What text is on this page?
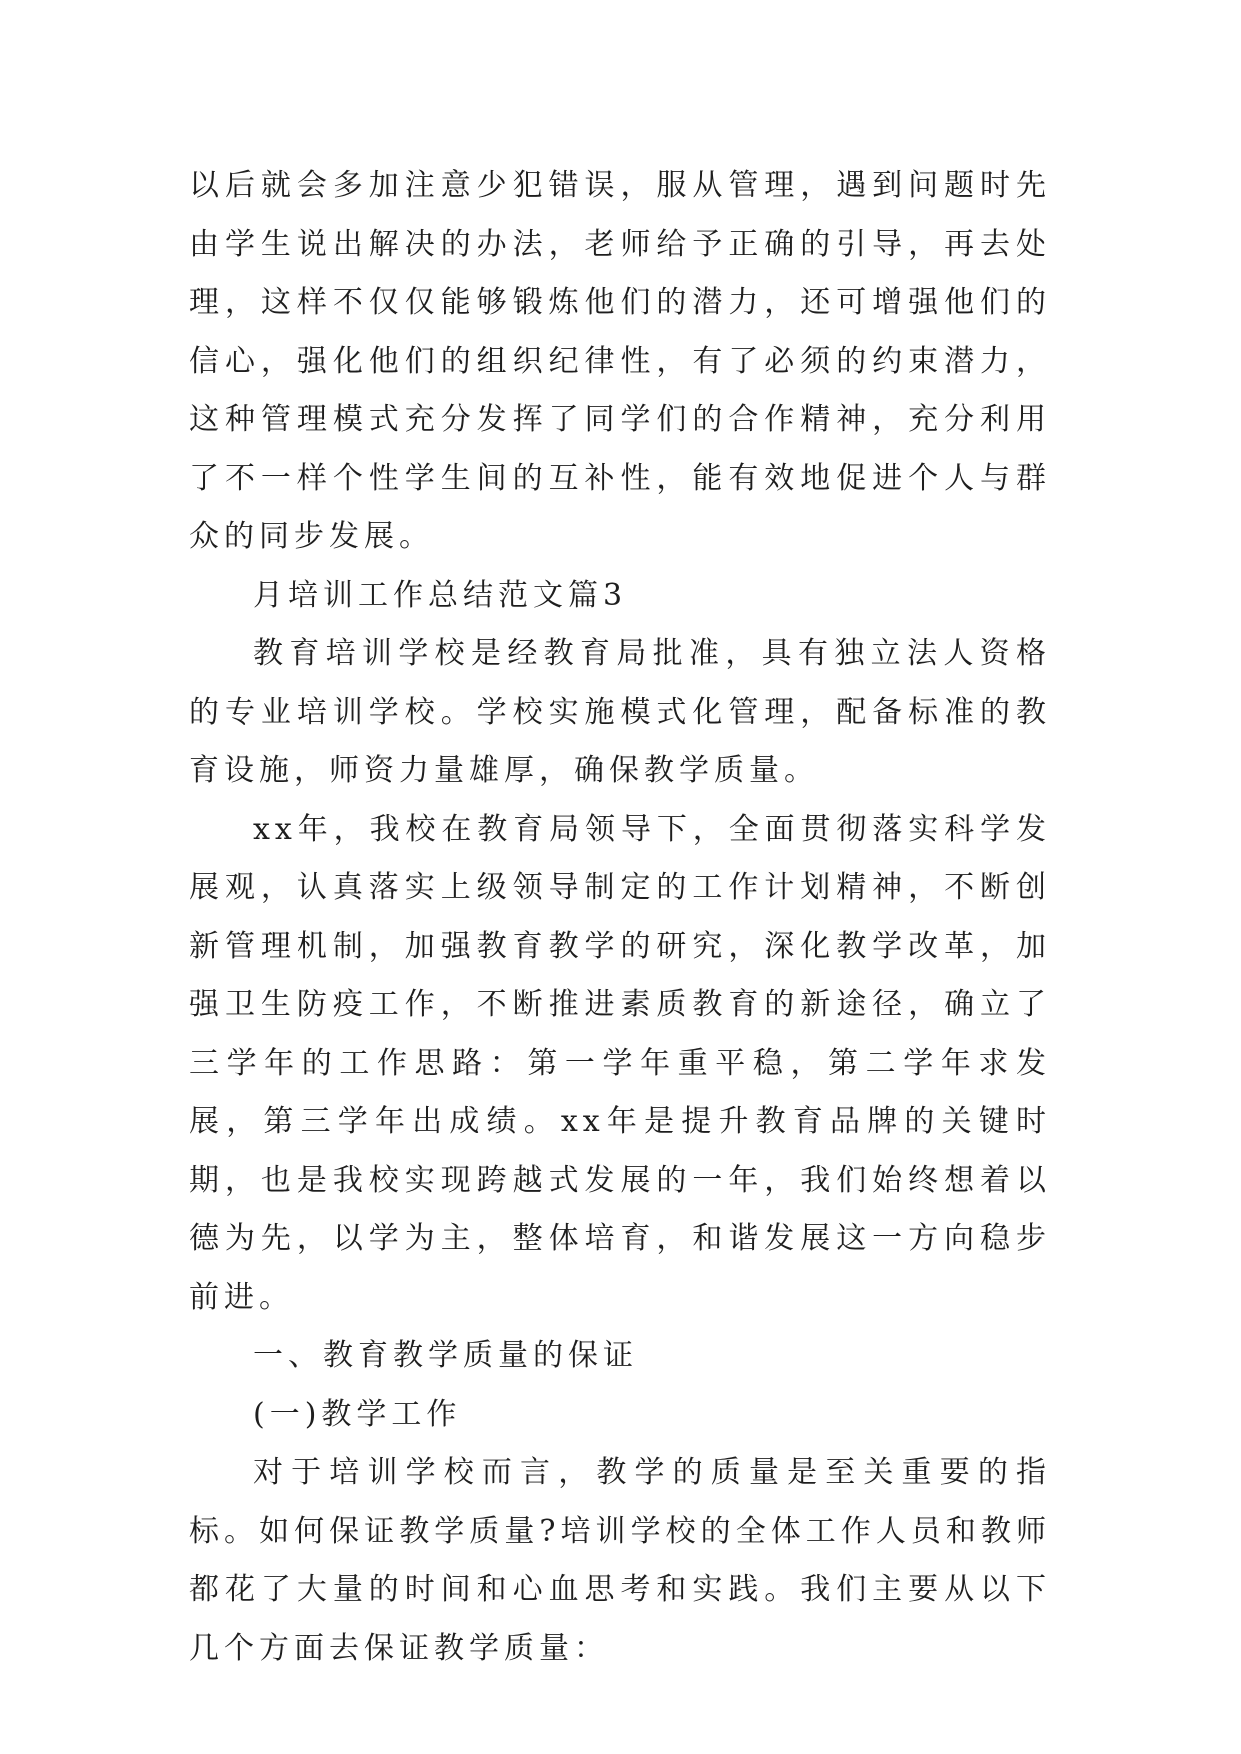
以后就会多加注意少犯错误，服从管理，遇到问题时先由学生说出解决的办法，老师给予正确的引导，再去处理，这样不仅仅能够锻炼他们的潜力，还可增强他们的信心，强化他们的组织纪律性，有了必须的约束潜力，这种管理模式充分发挥了同学们的合作精神，充分利用了不一样个性学生间的互补性，能有效地促进个人与群众的同步发展。

月培训工作总结范文篇3

教育培训学校是经教育局批准，具有独立法人资格的专业培训学校。学校实施模式化管理，配备标准的教育设施，师资力量雄厚，确保教学质量。

xx年，我校在教育局领导下，全面贯彻落实科学发展观，认真落实上级领导制定的工作计划精神，不断创新管理机制，加强教育教学的研究，深化教学改革，加强卫生防疫工作，不断推进素质教育的新途径，确立了三学年的工作思路：第一学年重平稳，第二学年求发展，第三学年出成绩。xx年是提升教育品牌的关键时期，也是我校实现跨越式发展的一年，我们始终想着以德为先，以学为主，整体培育，和谐发展这一方向稳步前进。

一、教育教学质量的保证

(一)教学工作

对于培训学校而言，教学的质量是至关重要的指标。如何保证教学质量?培训学校的全体工作人员和教师都花了大量的时间和心血思考和实践。我们主要从以下几个方面去保证教学质量：
